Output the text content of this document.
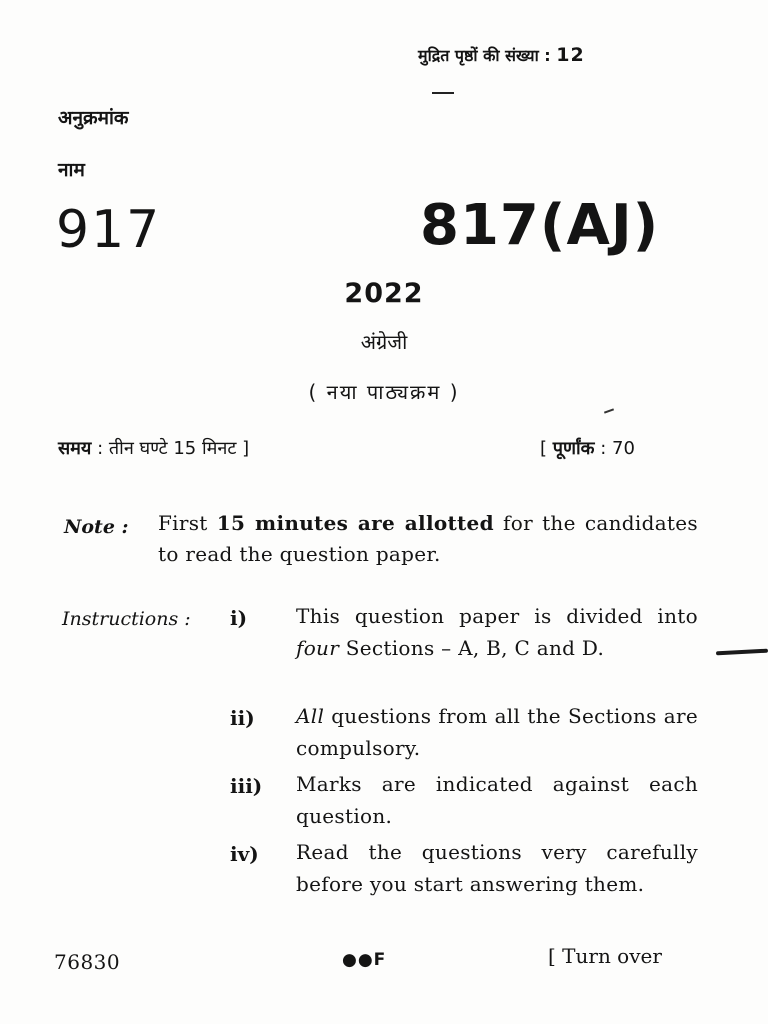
मुद्रित पृष्ठों की संख्या : 12
अनुक्रमांक
नाम
917	817(AJ)
2022
अंग्रेजी
( नया पाठ्यक्रम )
समय : तीन घण्टे 15 मिनट ]	[ पूर्णांक : 70
Note : First 15 minutes are allotted for the candidates to read the question paper.
Instructions : i) This question paper is divided into four Sections – A, B, C and D.
ii) All questions from all the Sections are compulsory.
iii) Marks are indicated against each question.
iv) Read the questions very carefully before you start answering them.
76830	●●F	[ Turn over
